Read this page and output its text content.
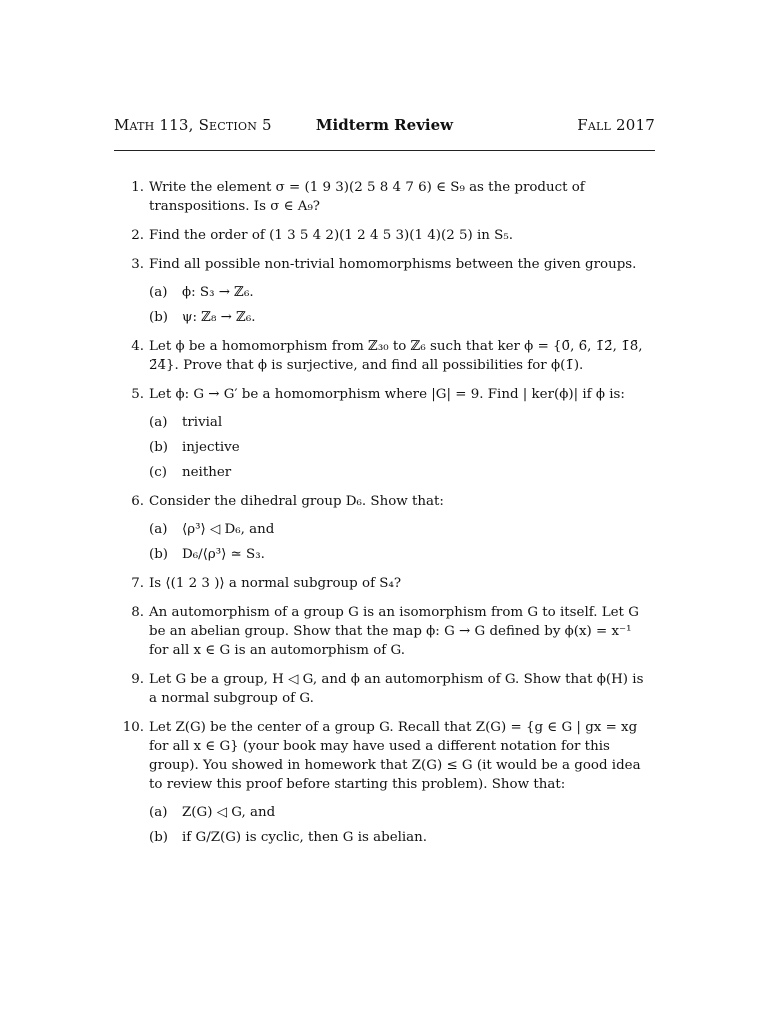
Math 113, Section 5	Midterm Review	Fall 2017
1. Write the element σ = (1 9 3)(2 5 8 4 7 6) ∈ S₉ as the product of transpositions. Is σ ∈ A₉?
2. Find the order of (1 3 5 4 2)(1 2 4 5 3)(1 4)(2 5) in S₅.
3. Find all possible non-trivial homomorphisms between the given groups.
(a)	ϕ: S₃ → ℤ₆.
(b)	ψ: ℤ₈ → ℤ₆.
4. Let ϕ be a homomorphism from ℤ₃₀ to ℤ₆ such that ker ϕ = {0̄, 6̄, 1̄2̄, 1̄8̄, 2̄4̄}. Prove that ϕ is surjective, and find all possibilities for ϕ(1̄).
5. Let ϕ: G → G′ be a homomorphism where |G| = 9. Find | ker(ϕ)| if ϕ is:
(a)	trivial
(b)	injective
(c)	neither
6. Consider the dihedral group D₆. Show that:
(a)	⟨ρ³⟩ ◁ D₆, and
(b)	D₆/⟨ρ³⟩ ≃ S₃.
7. Is ⟨(1 2 3 )⟩ a normal subgroup of S₄?
8. An automorphism of a group G is an isomorphism from G to itself. Let G be an abelian group. Show that the map ϕ: G → G defined by ϕ(x) = x⁻¹ for all x ∈ G is an automorphism of G.
9. Let G be a group, H ◁ G, and ϕ an automorphism of G. Show that ϕ(H) is a normal subgroup of G.
10. Let Z(G) be the center of a group G. Recall that Z(G) = {g ∈ G | gx = xg for all x ∈ G} (your book may have used a different notation for this group). You showed in homework that Z(G) ≤ G (it would be a good idea to review this proof before starting this problem). Show that:
(a)	Z(G) ◁ G, and
(b)	if G/Z(G) is cyclic, then G is abelian.
